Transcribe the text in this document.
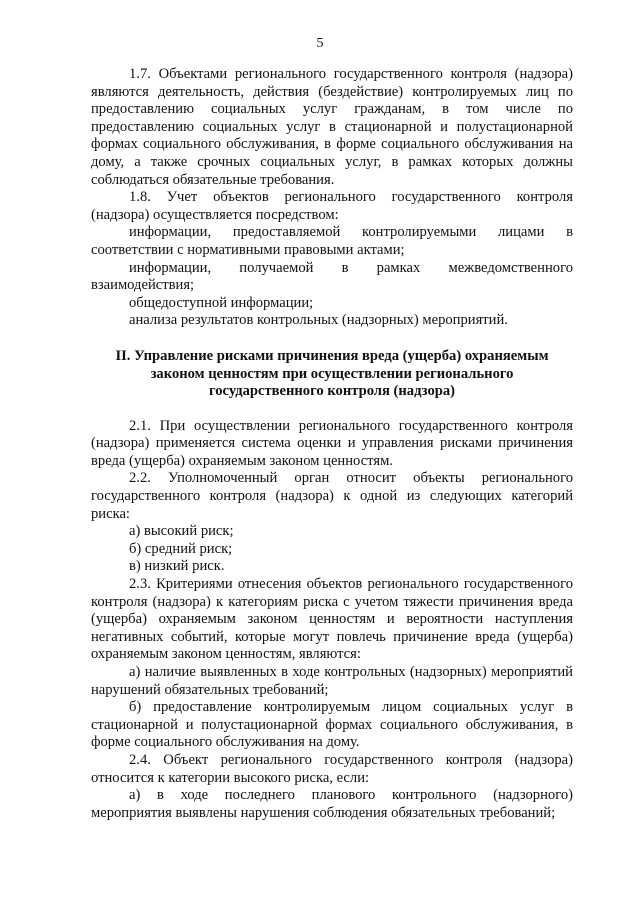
5

1.7. Объектами регионального государственного контроля (надзора) являются деятельность, действия (бездействие) контролируемых лиц по предоставлению социальных услуг гражданам, в том числе по предоставлению социальных услуг в стационарной и полустационарной формах социального обслуживания, в форме социального обслуживания на дому, а также срочных социальных услуг, в рамках которых должны соблюдаться обязательные требования.

1.8. Учет объектов регионального государственного контроля (надзора) осуществляется посредством:

информации, предоставляемой контролируемыми лицами в соответствии с нормативными правовыми актами;

информации, получаемой в рамках межведомственного взаимодействия;

общедоступной информации;

анализа результатов контрольных (надзорных) мероприятий.

II. Управление рисками причинения вреда (ущерба) охраняемым

законом ценностям при осуществлении регионального

государственного контроля (надзора)

2.1. При осуществлении регионального государственного контроля (надзора) применяется система оценки и управления рисками причинения вреда (ущерба) охраняемым законом ценностям.

2.2. Уполномоченный орган относит объекты регионального государственного контроля (надзора) к одной из следующих категорий риска:

а) высокий риск;

б) средний риск;

в) низкий риск.

2.3. Критериями отнесения объектов регионального государственного контроля (надзора) к категориям риска с учетом тяжести причинения вреда (ущерба) охраняемым законом ценностям и вероятности наступления негативных событий, которые могут повлечь причинение вреда (ущерба) охраняемым законом ценностям, являются:

а) наличие выявленных в ходе контрольных (надзорных) мероприятий нарушений обязательных требований;

б) предоставление контролируемым лицом социальных услуг в стационарной и полустационарной формах социального обслуживания, в форме социального обслуживания на дому.

2.4. Объект регионального государственного контроля (надзора) относится к категории высокого риска, если:

а) в ходе последнего планового контрольного (надзорного) мероприятия выявлены нарушения соблюдения обязательных требований;
